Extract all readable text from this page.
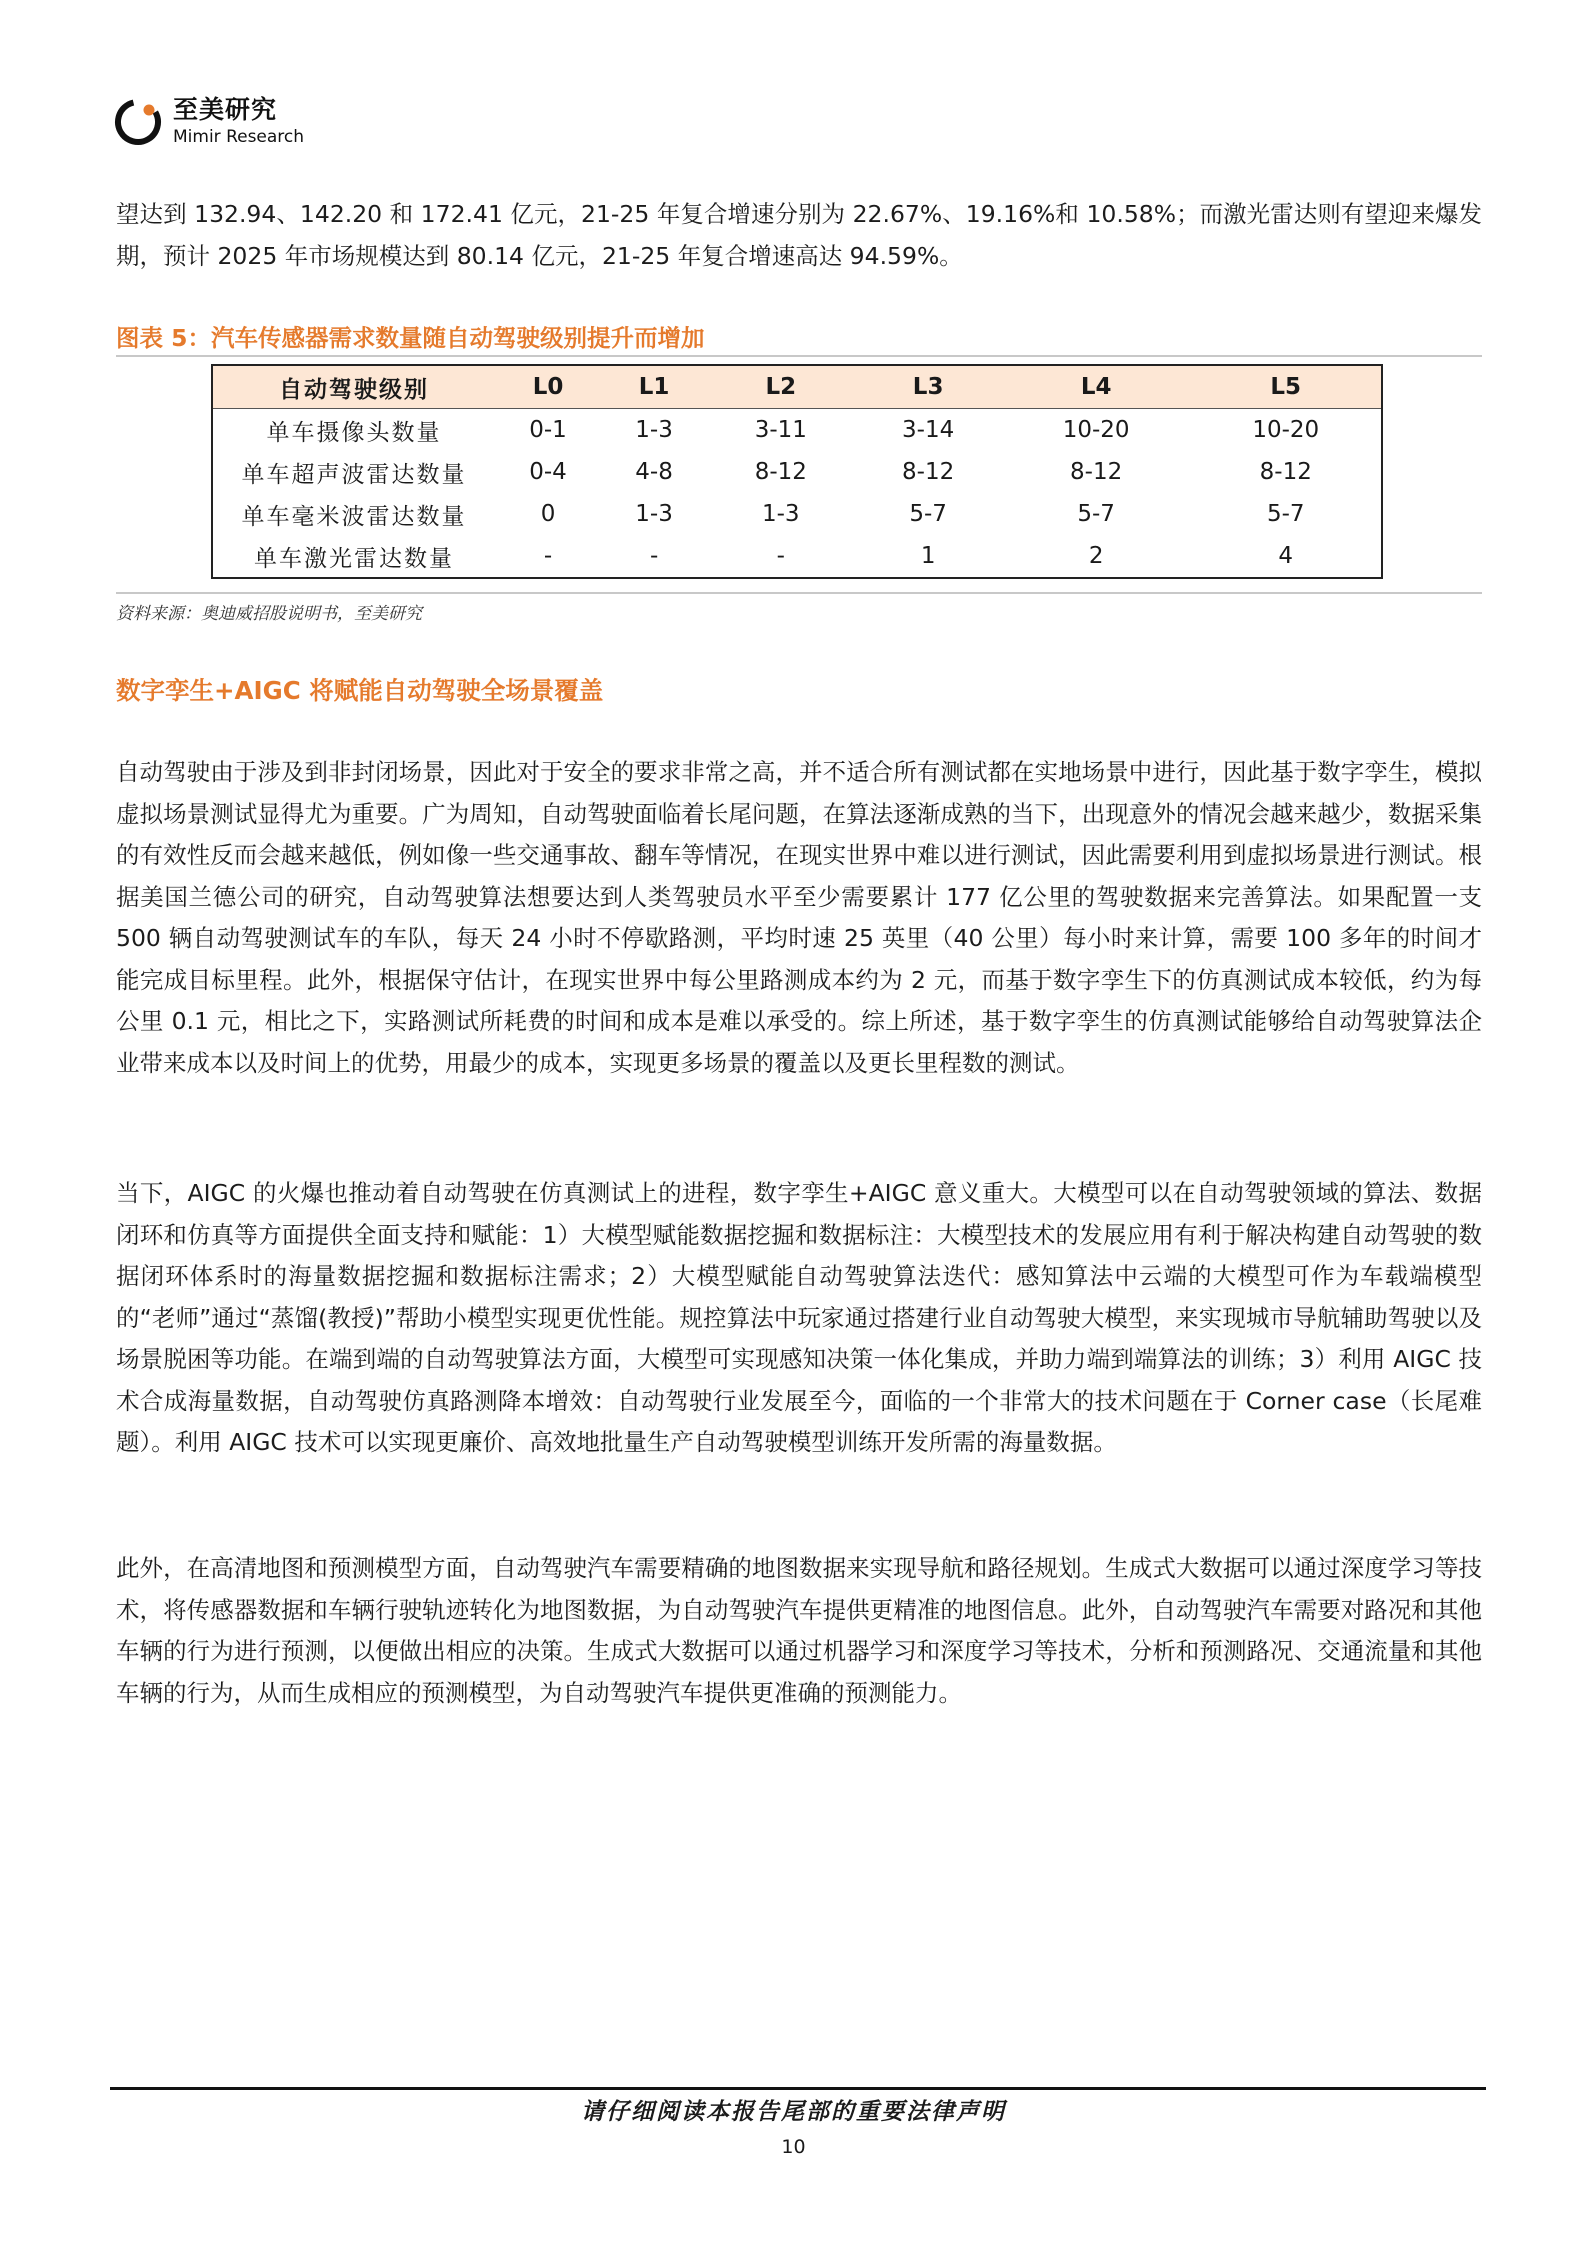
至美研究
Mimir Research

望达到 132.94、142.20 和 172.41 亿元，21-25 年复合增速分别为 22.67%、19.16%和 10.58%；而激光雷达则有望迎来爆发期，预计 2025 年市场规模达到 80.14 亿元，21-25 年复合增速高达 94.59%。

图表 5：汽车传感器需求数量随自动驾驶级别提升而增加
自动驾驶级别	L0	L1	L2	L3	L4	L5
单车摄像头数量	0-1	1-3	3-11	3-14	10-20	10-20
单车超声波雷达数量	0-4	4-8	8-12	8-12	8-12	8-12
单车毫米波雷达数量	0	1-3	1-3	5-7	5-7	5-7
单车激光雷达数量	-	-	-	1	2	4
资料来源：奥迪威招股说明书，至美研究
数字孪生+AIGC 将赋能自动驾驶全场景覆盖

自动驾驶由于涉及到非封闭场景，因此对于安全的要求非常之高，并不适合所有测试都在实地场景中进行，因此基于数字孪生，模拟虚拟场景测试显得尤为重要。广为周知，自动驾驶面临着长尾问题，在算法逐渐成熟的当下，出现意外的情况会越来越少，数据采集的有效性反而会越来越低，例如像一些交通事故、翻车等情况，在现实世界中难以进行测试，因此需要利用到虚拟场景进行测试。根据美国兰德公司的研究，自动驾驶算法想要达到人类驾驶员水平至少需要累计 177 亿公里的驾驶数据来完善算法。如果配置一支 500 辆自动驾驶测试车的车队，每天 24 小时不停歇路测，平均时速 25 英里（40 公里）每小时来计算，需要 100 多年的时间才能完成目标里程。此外，根据保守估计，在现实世界中每公里路测成本约为 2 元，而基于数字孪生下的仿真测试成本较低，约为每公里 0.1 元，相比之下，实路测试所耗费的时间和成本是难以承受的。综上所述，基于数字孪生的仿真测试能够给自动驾驶算法企业带来成本以及时间上的优势，用最少的成本，实现更多场景的覆盖以及更长里程数的测试。

当下，AIGC 的火爆也推动着自动驾驶在仿真测试上的进程，数字孪生+AIGC 意义重大。大模型可以在自动驾驶领域的算法、数据闭环和仿真等方面提供全面支持和赋能：1）大模型赋能数据挖掘和数据标注：大模型技术的发展应用有利于解决构建自动驾驶的数据闭环体系时的海量数据挖掘和数据标注需求；2）大模型赋能自动驾驶算法迭代：感知算法中云端的大模型可作为车载端模型的“老师”通过“蒸馏(教授)”帮助小模型实现更优性能。规控算法中玩家通过搭建行业自动驾驶大模型，来实现城市导航辅助驾驶以及场景脱困等功能。在端到端的自动驾驶算法方面，大模型可实现感知决策一体化集成，并助力端到端算法的训练；3）利用 AIGC 技术合成海量数据，自动驾驶仿真路测降本增效：自动驾驶行业发展至今，面临的一个非常大的技术问题在于 Corner case（长尾难题）。利用 AIGC 技术可以实现更廉价、高效地批量生产自动驾驶模型训练开发所需的海量数据。

此外，在高清地图和预测模型方面，自动驾驶汽车需要精确的地图数据来实现导航和路径规划。生成式大数据可以通过深度学习等技术，将传感器数据和车辆行驶轨迹转化为地图数据，为自动驾驶汽车提供更精准的地图信息。此外，自动驾驶汽车需要对路况和其他车辆的行为进行预测，以便做出相应的决策。生成式大数据可以通过机器学习和深度学习等技术，分析和预测路况、交通流量和其他车辆的行为，从而生成相应的预测模型，为自动驾驶汽车提供更准确的预测能力。

请仔细阅读本报告尾部的重要法律声明
10
